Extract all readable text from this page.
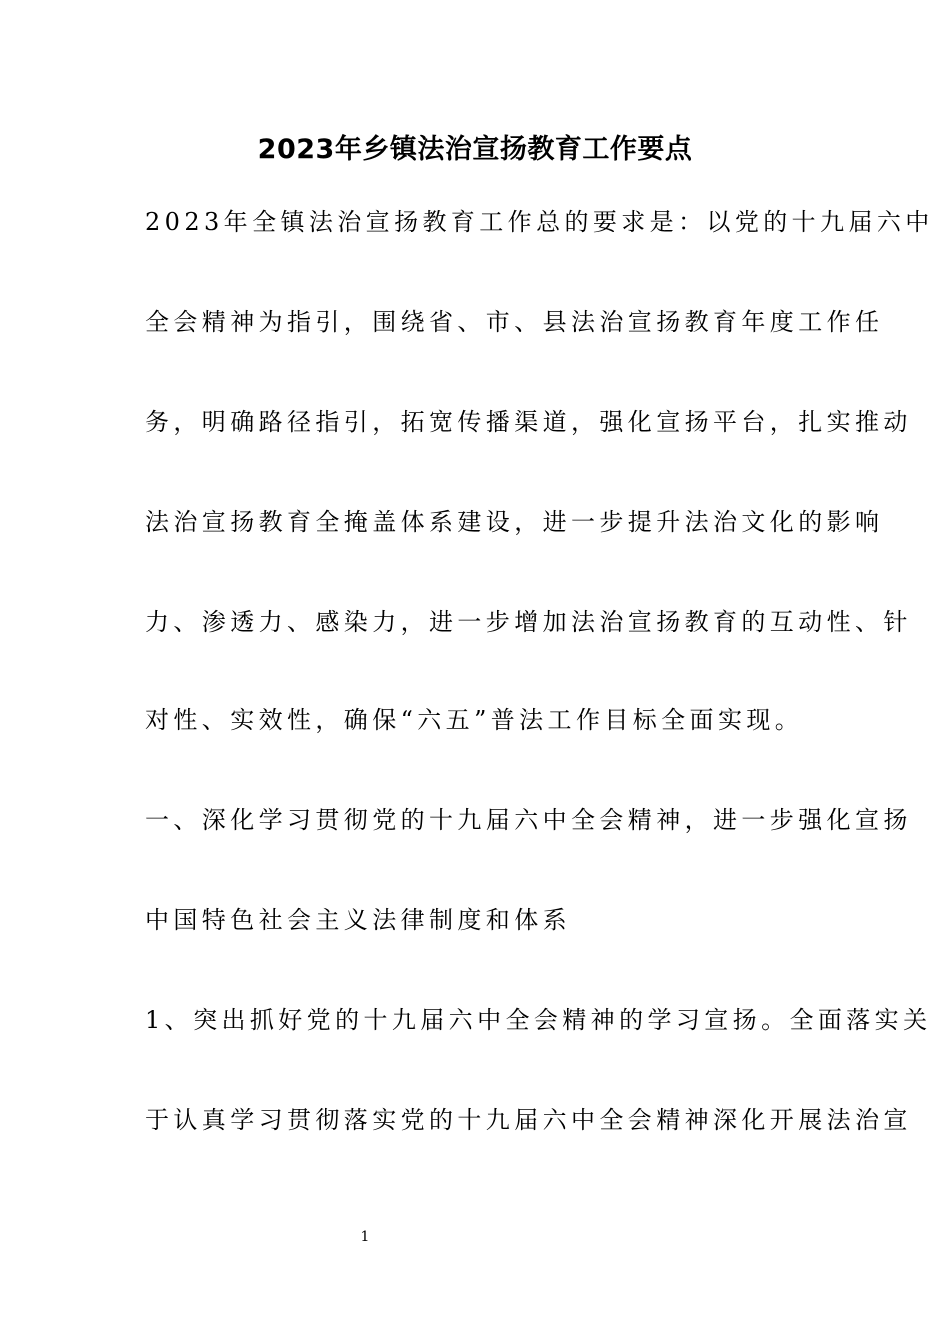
2023年乡镇法治宣扬教育工作要点
2023年全镇法治宣扬教育工作总的要求是：以党的十九届六中
全会精神为指引，围绕省、市、县法治宣扬教育年度工作任
务，明确路径指引，拓宽传播渠道，强化宣扬平台，扎实推动
法治宣扬教育全掩盖体系建设，进一步提升法治文化的影响
力、渗透力、感染力，进一步增加法治宣扬教育的互动性、针
对性、实效性，确保“六五”普法工作目标全面实现。
一、深化学习贯彻党的十九届六中全会精神，进一步强化宣扬
中国特色社会主义法律制度和体系
1、突出抓好党的十九届六中全会精神的学习宣扬。全面落实关
于认真学习贯彻落实党的十九届六中全会精神深化开展法治宣
1
